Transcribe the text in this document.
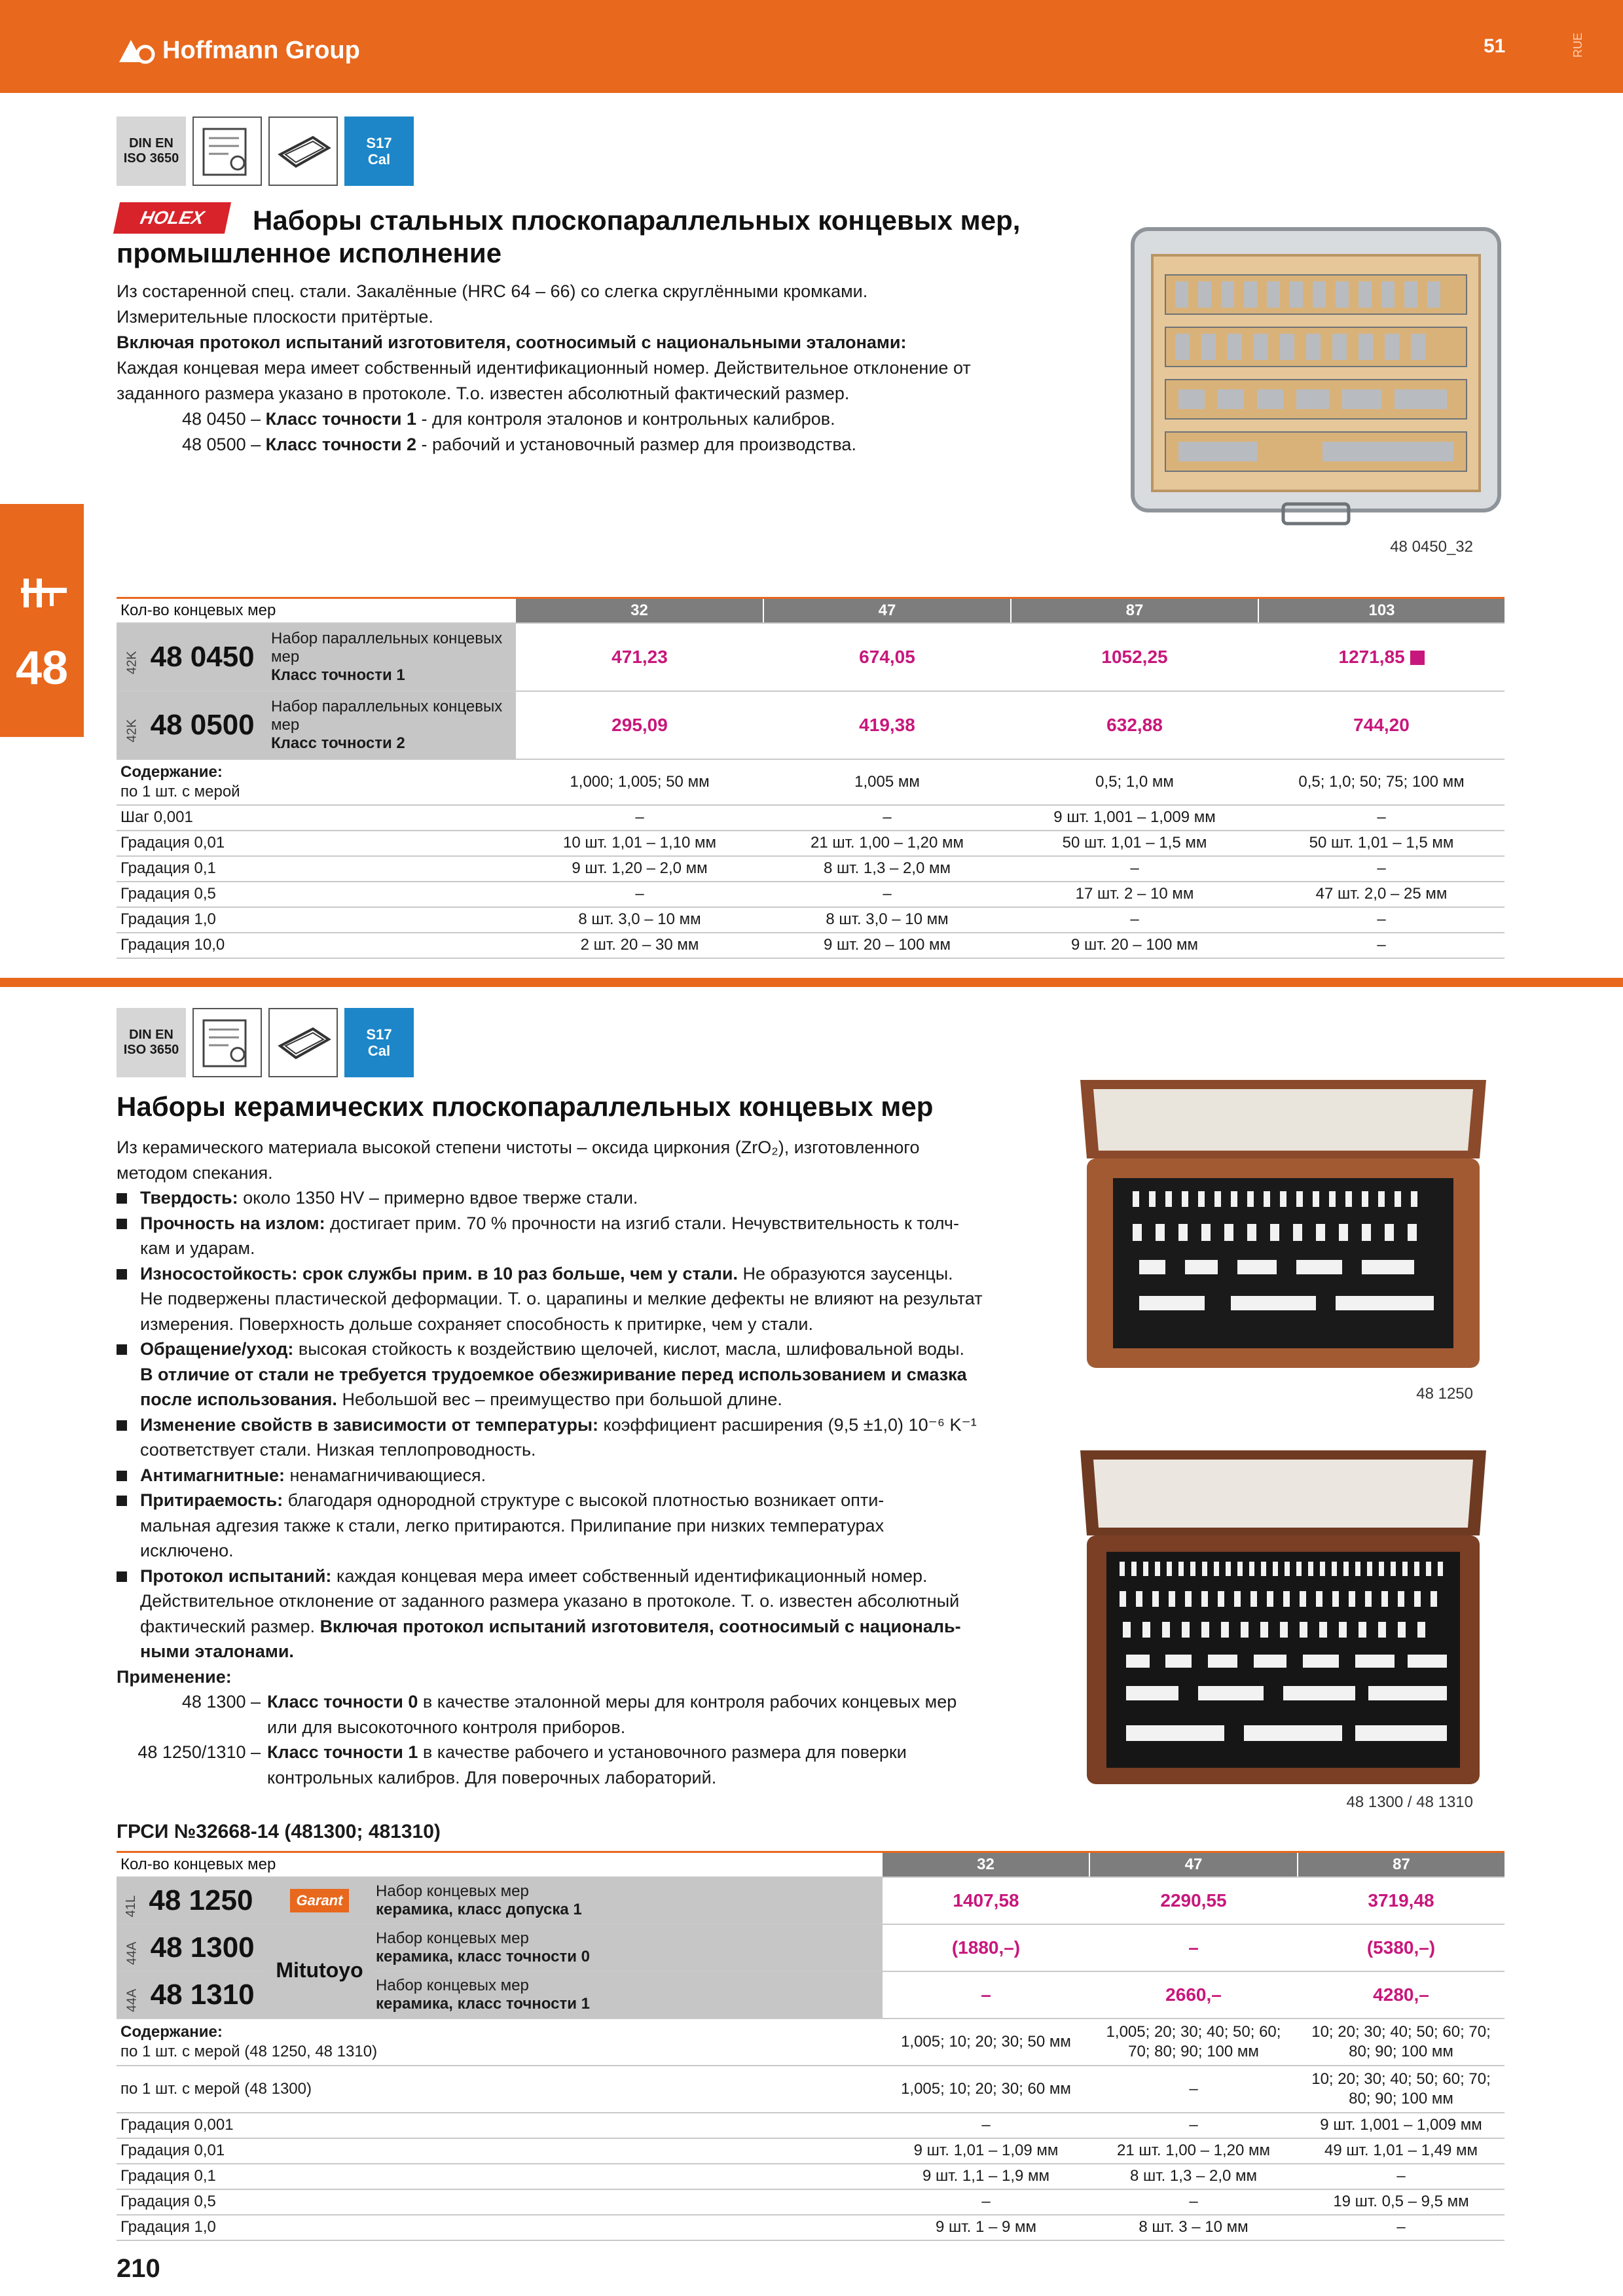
Hoffmann Group	51	RUE
48
DIN EN ISO 3650
S17
Cal
HOLEX	Наборы стальных плоскопараллельных концевых мер,
промышленное исполнение
Из состаренной спец. стали. Закалённые (HRC 64 – 66) со слегка скруглёнными кромками.
Измерительные плоскости притёртые.
Включая протокол испытаний изготовителя, соотносимый с национальными эталонами:
Каждая концевая мера имеет собственный идентификационный номер. Действительное отклонение от
заданного размера указано в протоколе. Т.о. известен абсолютный фактический размер.
48 0450 – Класс точности 1 - для контроля эталонов и контрольных калибров.
48 0500 – Класс точности 2 - рабочий и установочный размер для производства.
48 0450_32
Кол-во концевых мер		32	47	87	103
42K 48 0450	Набор параллельных концевых
мер
Класс точности 1	471,23	674,05	1052,25	1271,85
42K 48 0500	Набор параллельных концевых
мер
Класс точности 2	295,09	419,38	632,88	744,20

Содержание:
по 1 шт. с мерой		1,000; 1,005; 50 мм	1,005 мм	0,5; 1,0 мм	0,5; 1,0; 50; 75; 100 мм
Шаг 0,001		–	–	9 шт. 1,001 – 1,009 мм	–
Градация 0,01		10 шт. 1,01 – 1,10 мм	21 шт. 1,00 – 1,20 мм	50 шт. 1,01 – 1,5 мм	50 шт. 1,01 – 1,5 мм
Градация 0,1		9 шт. 1,20 – 2,0 мм	8 шт. 1,3 – 2,0 мм	–	–
Градация 0,5		–	–	17 шт. 2 – 10 мм	47 шт. 2,0 – 25 мм
Градация 1,0		8 шт. 3,0 – 10 мм	8 шт. 3,0 – 10 мм	–	–
Градация 10,0		2 шт. 20 – 30 мм	9 шт. 20 – 100 мм	9 шт. 20 – 100 мм	–
DIN EN ISO 3650
S17
Cal
Наборы керамических плоскопараллельных концевых мер
Из керамического материала высокой степени чистоты – оксида циркония (ZrO₂), изготовленного
методом спекания.
Твердость: около 1350 HV – примерно вдвое тверже стали.
Прочность на излом: достигает прим. 70 % прочности на изгиб стали. Нечувствительность к толч-
кам и ударам.
Износостойкость: срок службы прим. в 10 раз больше, чем у стали. Не образуются заусенцы.
Не подвержены пластической деформации. Т. о. царапины и мелкие дефекты не влияют на результат
измерения. Поверхность дольше сохраняет способность к притирке, чем у стали.
Обращение/уход: высокая стойкость к воздействию щелочей, кислот, масла, шлифовальной воды.
В отличие от стали не требуется трудоемкое обезжиривание перед использованием и смазка
после использования. Небольшой вес – преимущество при большой длине.
Изменение свойств в зависимости от температуры: коэффициент расширения (9,5 ±1,0) 10⁻⁶ K⁻¹
соответствует стали. Низкая теплопроводность.
Антимагнитные: ненамагничивающиеся.
Притираемость: благодаря однородной структуре с высокой плотностью возникает опти-
мальная адгезия также к стали, легко притираются. Прилипание при низких температурах
исключено.
Протокол испытаний: каждая концевая мера имеет собственный идентификационный номер.
Действительное отклонение от заданного размера указано в протоколе. Т. о. известен абсолютный
фактический размер. Включая протокол испытаний изготовителя, соотносимый с националь-
ными эталонами.
Применение:
48 1300 – Класс точности 0 в качестве эталонной меры для контроля рабочих концевых мер
или для высокоточного контроля приборов.
48 1250/1310 – Класс точности 1 в качестве рабочего и установочного размера для поверки
контрольных калибров. Для поверочных лабораторий.
48 1250
48 1300 / 48 1310
ГРСИ №32668-14 (481300; 481310)
Кол-во концевых мер			32	47	87
41L 48 1250	Garant	Набор концевых мер
керамика, класс допуска 1	1407,58	2290,55	3719,48
44A 48 1300	Mitutoyo	Набор концевых мер
керамика, класс точности 0	(1880,–)	–	(5380,–)
44A 48 1310		Набор концевых мер
керамика, класс точности 1	–	2660,–	4280,–

Содержание:
по 1 шт. с мерой (48 1250, 48 1310)			1,005; 10; 20; 30; 50 мм	1,005; 20; 30; 40; 50; 60; 70; 80; 90; 100 мм	10; 20; 30; 40; 50; 60; 70; 80; 90; 100 мм
по 1 шт. с мерой (48 1300)			1,005; 10; 20; 30; 60 мм	–	10; 20; 30; 40; 50; 60; 70; 80; 90; 100 мм
Градация 0,001			–	–	9 шт. 1,001 – 1,009 мм
Градация 0,01			9 шт. 1,01 – 1,09 мм	21 шт. 1,00 – 1,20 мм	49 шт. 1,01 – 1,49 мм
Градация 0,1			9 шт. 1,1 – 1,9 мм	8 шт. 1,3 – 2,0 мм	–
Градация 0,5			–	–	19 шт. 0,5 – 9,5 мм
Градация 1,0			9 шт. 1 – 9 мм	8 шт. 3 – 10 мм	–
210
